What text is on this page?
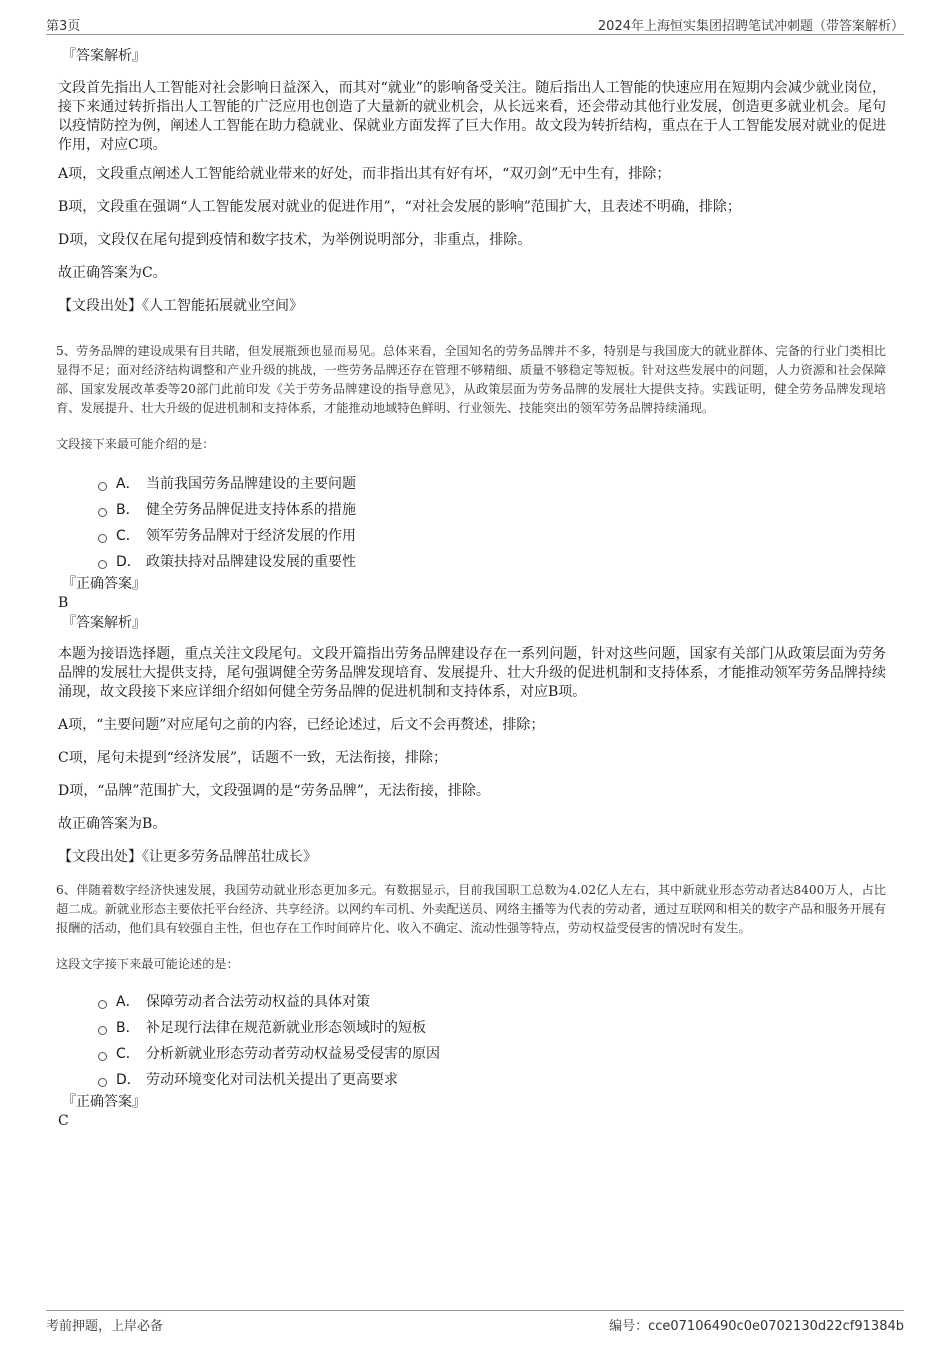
第3页	2024年上海恒实集团招聘笔试冲刺题（带答案解析）
『答案解析』
文段首先指出人工智能对社会影响日益深入，而其对“就业”的影响备受关注。随后指出人工智能的快速应用在短期内会减少就业岗位，接下来通过转折指出人工智能的广泛应用也创造了大量新的就业机会，从长远来看，还会带动其他行业发展，创造更多就业机会。尾句以疫情防控为例，阐述人工智能在助力稳就业、保就业方面发挥了巨大作用。故文段为转折结构，重点在于人工智能发展对就业的促进作用，对应C项。
A项，文段重点阐述人工智能给就业带来的好处，而非指出其有好有坏，“双刃剑”无中生有，排除；
B项，文段重在强调“人工智能发展对就业的促进作用”，“对社会发展的影响”范围扩大，且表述不明确，排除；
D项，文段仅在尾句提到疫情和数字技术，为举例说明部分，非重点，排除。
故正确答案为C。
【文段出处】《人工智能拓展就业空间》
5、劳务品牌的建设成果有目共睹，但发展瓶颈也显而易见。总体来看，全国知名的劳务品牌并不多，特别是与我国庞大的就业群体、完备的行业门类相比显得不足；面对经济结构调整和产业升级的挑战，一些劳务品牌还存在管理不够精细、质量不够稳定等短板。针对这些发展中的问题，人力资源和社会保障部、国家发展改革委等20部门此前印发《关于劳务品牌建设的指导意见》，从政策层面为劳务品牌的发展壮大提供支持。实践证明，健全劳务品牌发现培育、发展提升、壮大升级的促进机制和支持体系，才能推动地域特色鲜明、行业领先、技能突出的领军劳务品牌持续涌现。
文段接下来最可能介绍的是：
A． 当前我国劳务品牌建设的主要问题
B． 健全劳务品牌促进支持体系的措施
C． 领军劳务品牌对于经济发展的作用
D． 政策扶持对品牌建设发展的重要性
『正确答案』
B
『答案解析』
本题为接语选择题，重点关注文段尾句。文段开篇指出劳务品牌建设存在一系列问题，针对这些问题，国家有关部门从政策层面为劳务品牌的发展壮大提供支持，尾句强调健全劳务品牌发现培育、发展提升、壮大升级的促进机制和支持体系，才能推动领军劳务品牌持续涌现，故文段接下来应详细介绍如何健全劳务品牌的促进机制和支持体系，对应B项。
A项，“主要问题”对应尾句之前的内容，已经论述过，后文不会再赘述，排除；
C项，尾句未提到“经济发展”，话题不一致，无法衔接，排除；
D项，“品牌”范围扩大，文段强调的是“劳务品牌”，无法衔接，排除。
故正确答案为B。
【文段出处】《让更多劳务品牌茁壮成长》
6、伴随着数字经济快速发展，我国劳动就业形态更加多元。有数据显示，目前我国职工总数为4.02亿人左右，其中新就业形态劳动者达8400万人，占比超二成。新就业形态主要依托平台经济、共享经济。以网约车司机、外卖配送员、网络主播等为代表的劳动者，通过互联网和相关的数字产品和服务开展有报酬的活动，他们具有较强自主性，但也存在工作时间碎片化、收入不确定、流动性强等特点，劳动权益受侵害的情况时有发生。
这段文字接下来最可能论述的是：
A． 保障劳动者合法劳动权益的具体对策
B． 补足现行法律在规范新就业形态领域时的短板
C． 分析新就业形态劳动者劳动权益易受侵害的原因
D． 劳动环境变化对司法机关提出了更高要求
『正确答案』
C
考前押题，上岸必备	编号：cce07106490c0e0702130d22cf91384b
